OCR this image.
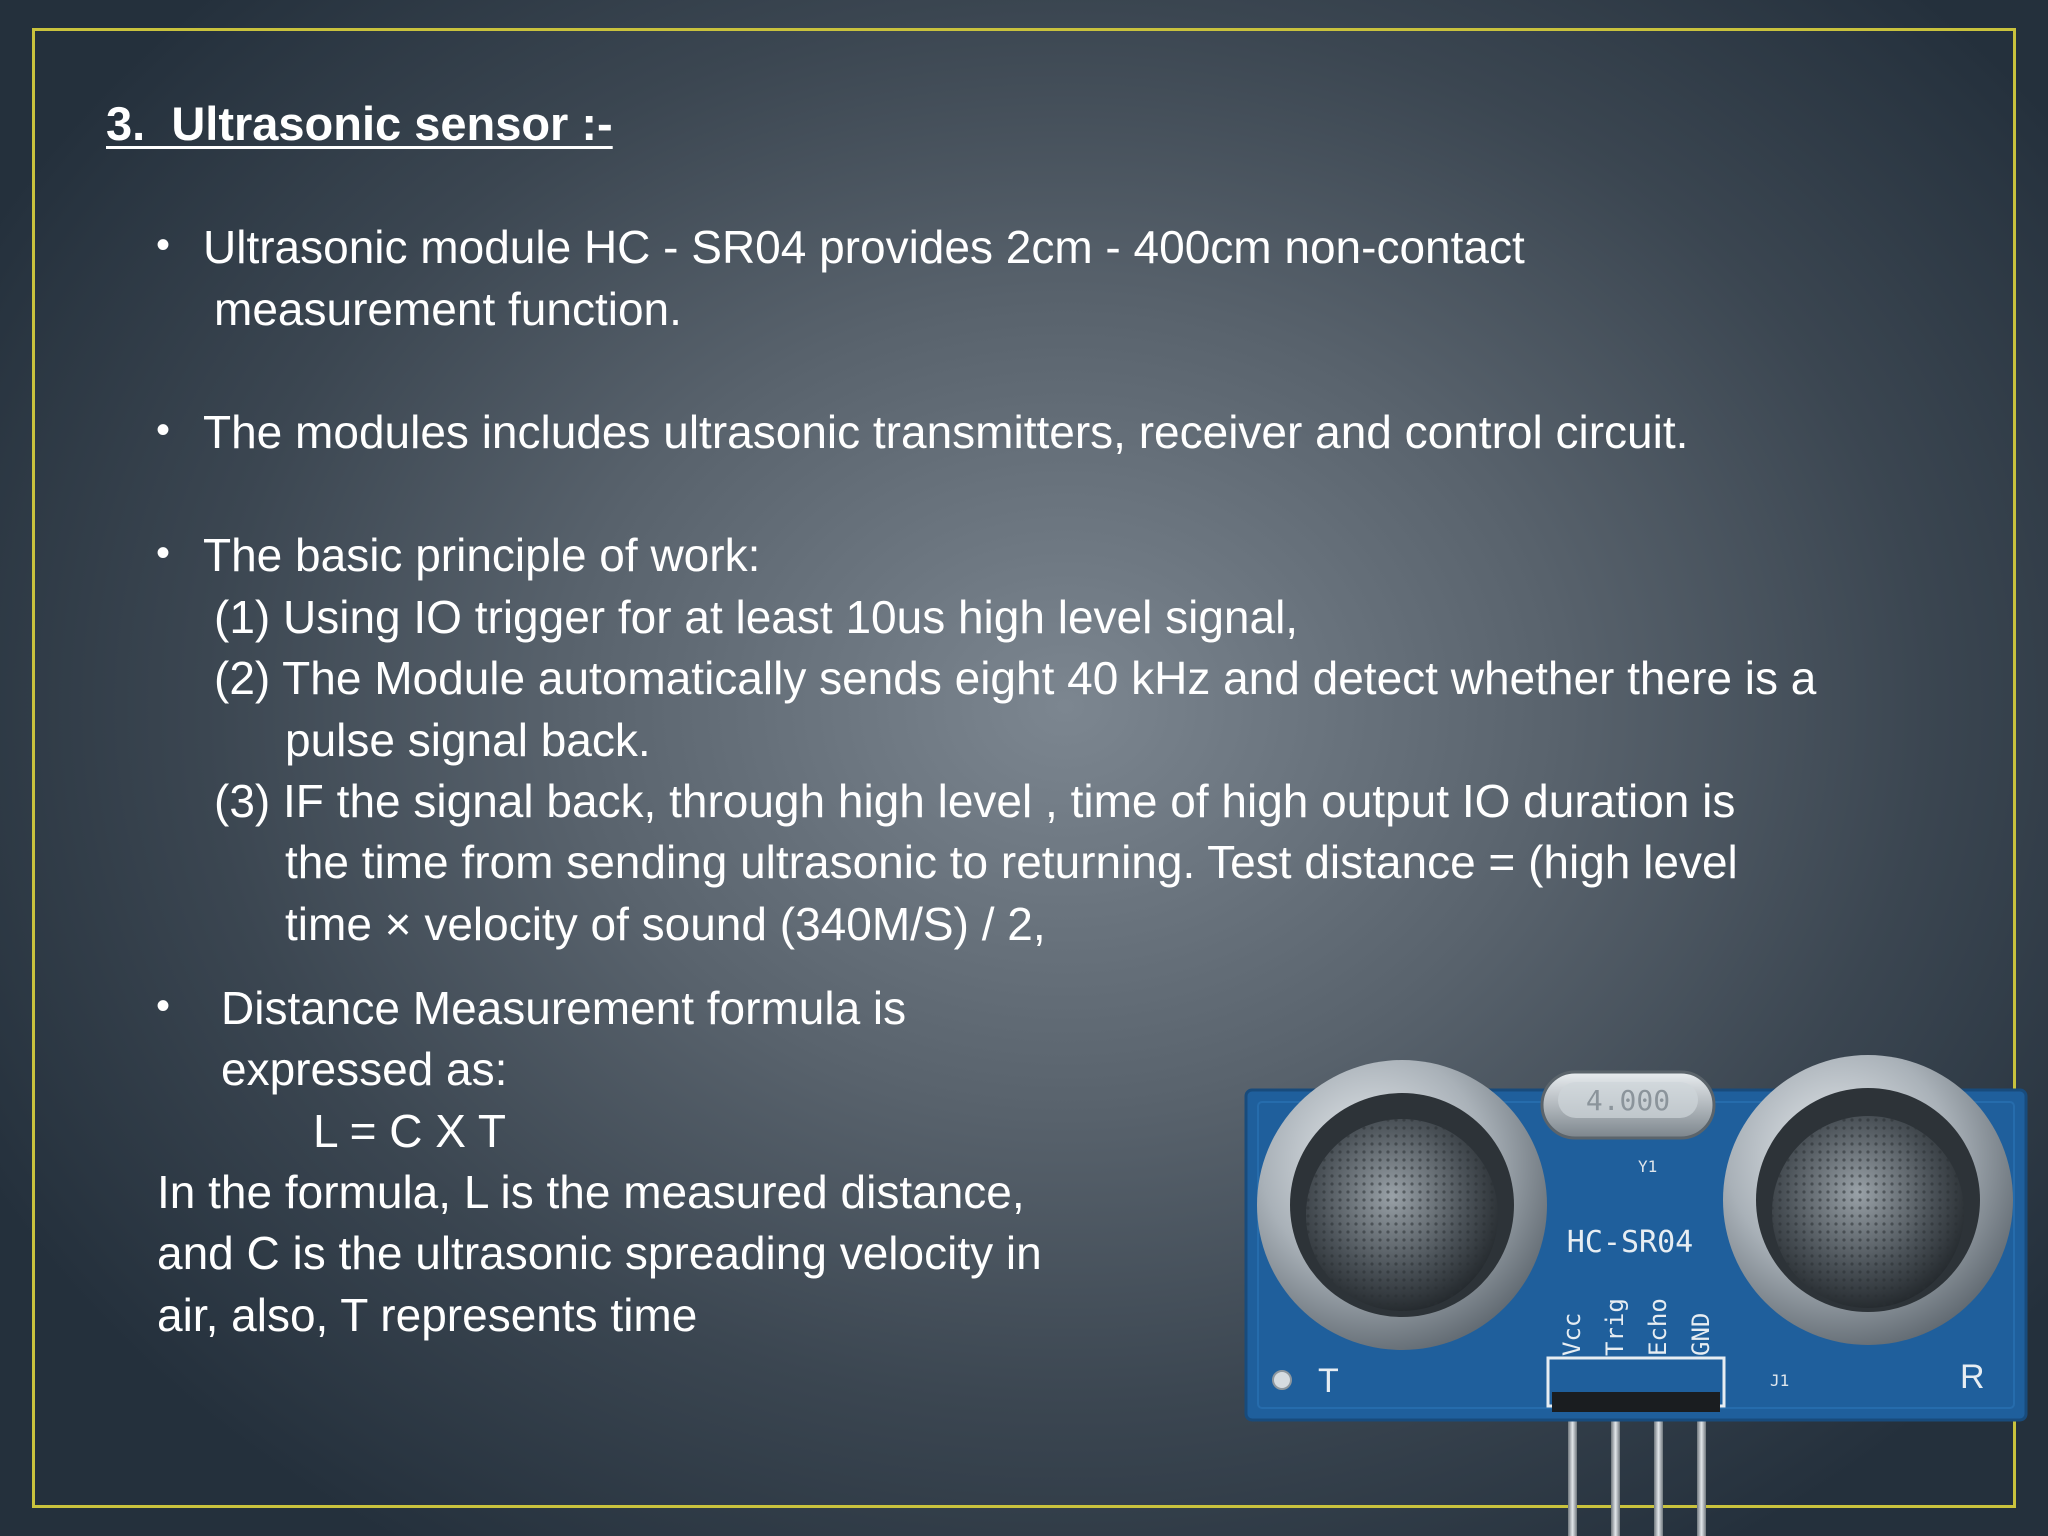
3.  Ultrasonic sensor :-
• Ultrasonic module HC - SR04 provides 2cm - 400cm non-contact
measurement function.
• The modules includes ultrasonic transmitters, receiver and control circuit.
• The basic principle of work:
(1) Using IO trigger for at least 10us high level signal,
(2) The Module automatically sends eight 40 kHz and detect whether there is a
pulse signal back.
(3) IF the signal back, through high level , time of high output IO duration is
the time from sending ultrasonic to returning. Test distance = (high level
time × velocity of sound (340M/S) / 2,
• Distance Measurement formula is
expressed as:
L = C X T
In the formula, L is the measured distance,
and C is the ultrasonic spreading velocity in
air, also, T represents time
4.000
Y1
HC-SR04
J1
T	R
Vcc Trig Echo GND
